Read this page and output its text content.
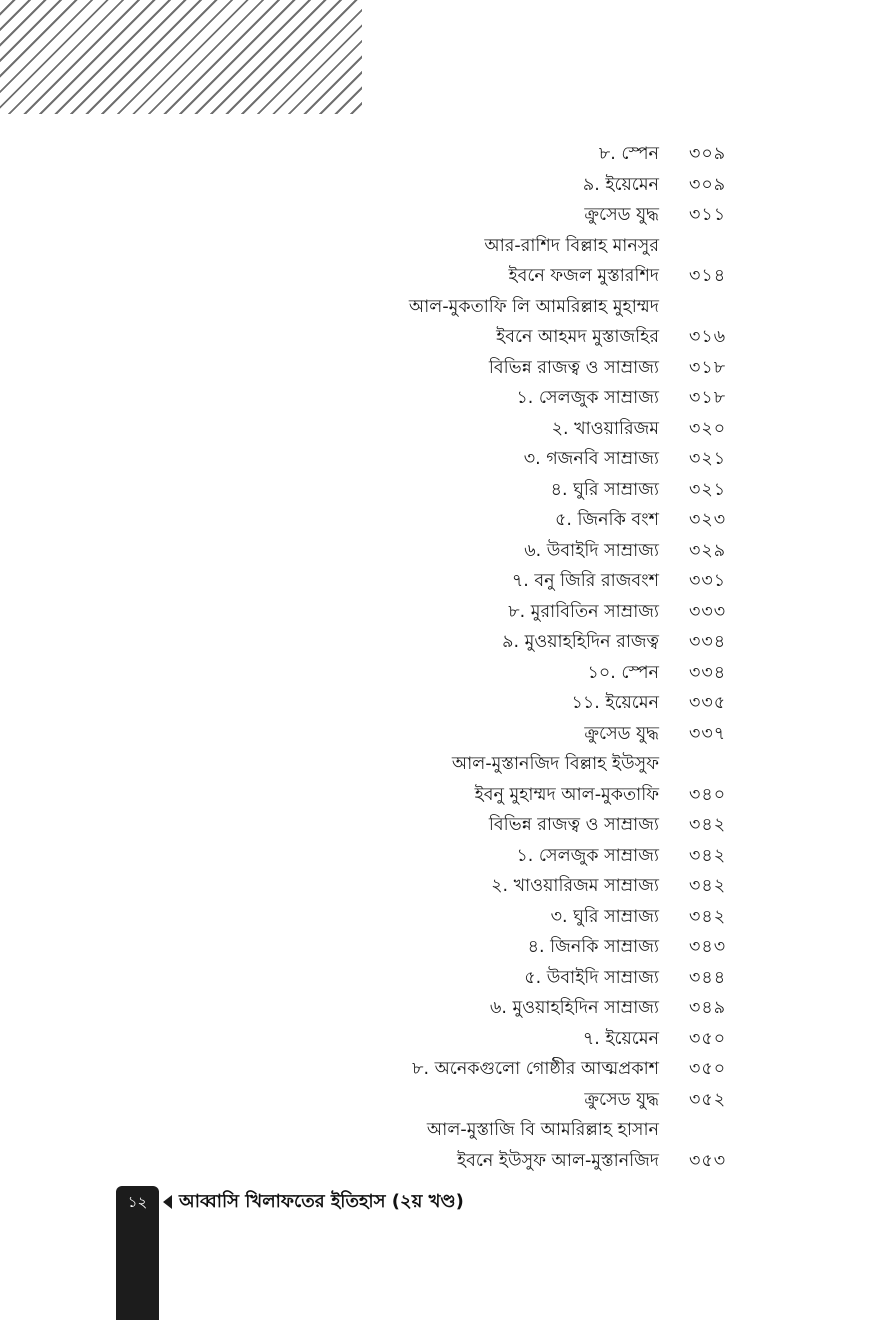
৮. স্পেন ৩০৯
৯. ইয়েমেন ৩০৯
ক্রুসেড যুদ্ধ ৩১১
আর-রাশিদ বিল্লাহ মানসুর
ইবনে ফজল মুস্তারশিদ ৩১৪
আল-মুকতাফি লি আমরিল্লাহ মুহাম্মদ
ইবনে আহমদ মুস্তাজহির ৩১৬
বিভিন্ন রাজত্ব ও সাম্রাজ্য ৩১৮
১. সেলজুক সাম্রাজ্য ৩১৮
২. খাওয়ারিজম ৩২০
৩. গজনবি সাম্রাজ্য ৩২১
৪. ঘুরি সাম্রাজ্য ৩২১
৫. জিনকি বংশ ৩২৩
৬. উবাইদি সাম্রাজ্য ৩২৯
৭. বনু জিরি রাজবংশ ৩৩১
৮. মুরাবিতিন সাম্রাজ্য ৩৩৩
৯. মুওয়াহহিদিন রাজত্ব ৩৩৪
১০. স্পেন ৩৩৪
১১. ইয়েমেন ৩৩৫
ক্রুসেড যুদ্ধ ৩৩৭
আল-মুস্তানজিদ বিল্লাহ ইউসুফ
ইবনু মুহাম্মদ আল-মুকতাফি ৩৪০
বিভিন্ন রাজত্ব ও সাম্রাজ্য ৩৪২
১. সেলজুক সাম্রাজ্য ৩৪২
২. খাওয়ারিজম সাম্রাজ্য ৩৪২
৩. ঘুরি সাম্রাজ্য ৩৪২
৪. জিনকি সাম্রাজ্য ৩৪৩
৫. উবাইদি সাম্রাজ্য ৩৪৪
৬. মুওয়াহহিদিন সাম্রাজ্য ৩৪৯
৭. ইয়েমেন ৩৫০
৮. অনেকগুলো গোষ্ঠীর আত্মপ্রকাশ ৩৫০
ক্রুসেড যুদ্ধ ৩৫২
আল-মুস্তাজি বি আমরিল্লাহ হাসান
ইবনে ইউসুফ আল-মুস্তানজিদ ৩৫৩
১২	আব্বাসি খিলাফতের ইতিহাস (২য় খণ্ড)
